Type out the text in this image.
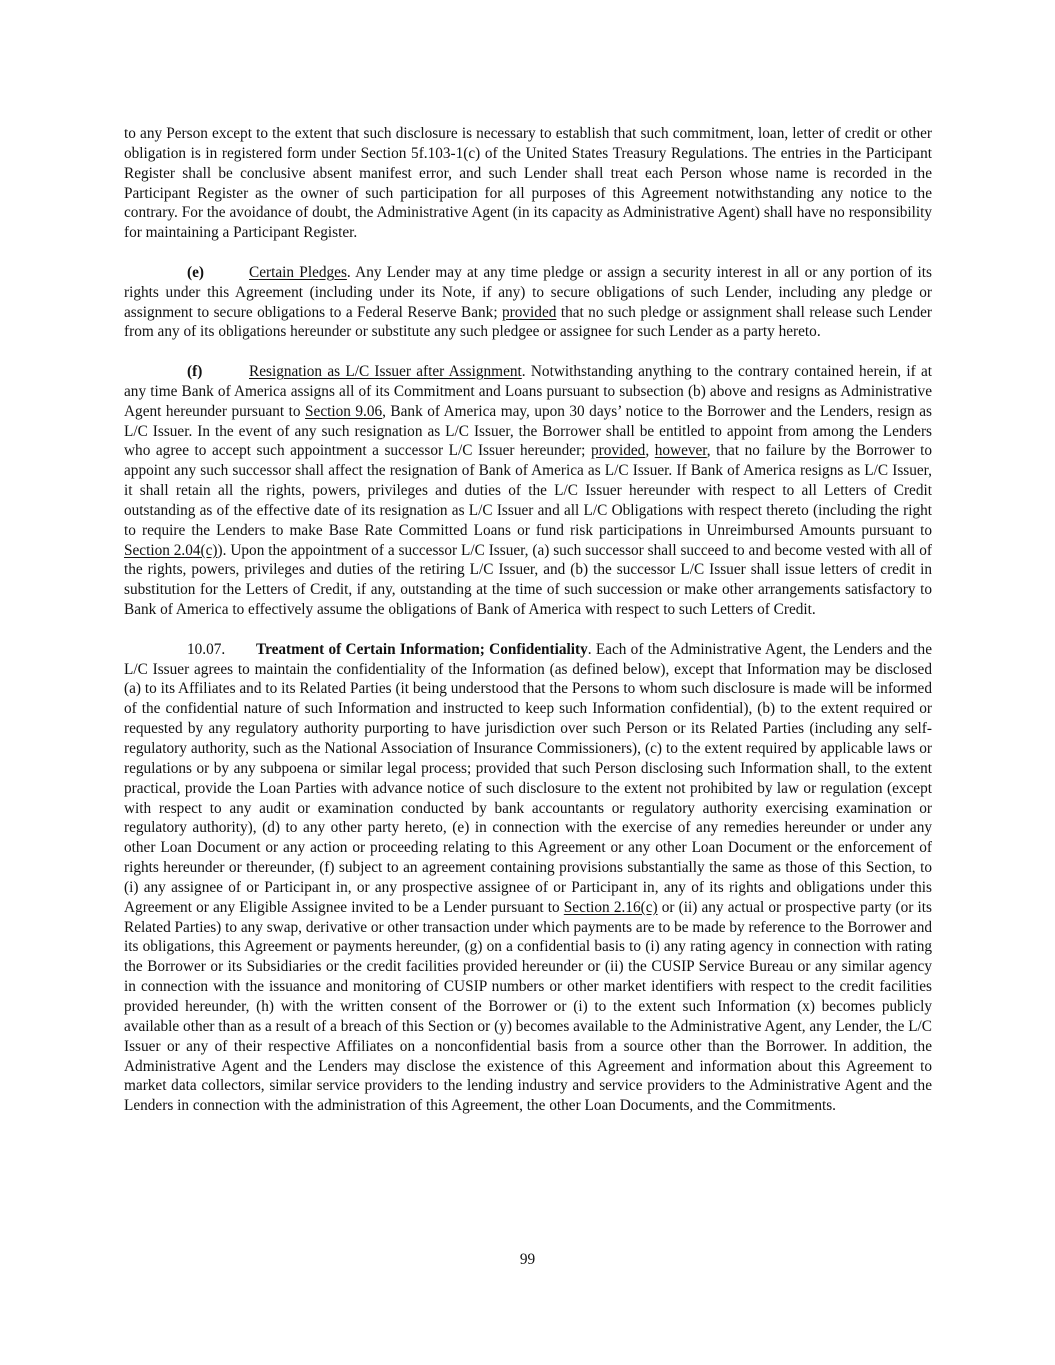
to any Person except to the extent that such disclosure is necessary to establish that such commitment, loan, letter of credit or other obligation is in registered form under Section 5f.103-1(c) of the United States Treasury Regulations. The entries in the Participant Register shall be conclusive absent manifest error, and such Lender shall treat each Person whose name is recorded in the Participant Register as the owner of such participation for all purposes of this Agreement notwithstanding any notice to the contrary. For the avoidance of doubt, the Administrative Agent (in its capacity as Administrative Agent) shall have no responsibility for maintaining a Participant Register.

(e)	Certain Pledges. Any Lender may at any time pledge or assign a security interest in all or any portion of its rights under this Agreement (including under its Note, if any) to secure obligations of such Lender, including any pledge or assignment to secure obligations to a Federal Reserve Bank; provided that no such pledge or assignment shall release such Lender from any of its obligations hereunder or substitute any such pledgee or assignee for such Lender as a party hereto.

(f)	Resignation as L/C Issuer after Assignment. Notwithstanding anything to the contrary contained herein, if at any time Bank of America assigns all of its Commitment and Loans pursuant to subsection (b) above and resigns as Administrative Agent hereunder pursuant to Section 9.06, Bank of America may, upon 30 days’ notice to the Borrower and the Lenders, resign as L/C Issuer. In the event of any such resignation as L/C Issuer, the Borrower shall be entitled to appoint from among the Lenders who agree to accept such appointment a successor L/C Issuer hereunder; provided, however, that no failure by the Borrower to appoint any such successor shall affect the resignation of Bank of America as L/C Issuer. If Bank of America resigns as L/C Issuer, it shall retain all the rights, powers, privileges and duties of the L/C Issuer hereunder with respect to all Letters of Credit outstanding as of the effective date of its resignation as L/C Issuer and all L/C Obligations with respect thereto (including the right to require the Lenders to make Base Rate Committed Loans or fund risk participations in Unreimbursed Amounts pursuant to Section 2.04(c)). Upon the appointment of a successor L/C Issuer, (a) such successor shall succeed to and become vested with all of the rights, powers, privileges and duties of the retiring L/C Issuer, and (b) the successor L/C Issuer shall issue letters of credit in substitution for the Letters of Credit, if any, outstanding at the time of such succession or make other arrangements satisfactory to Bank of America to effectively assume the obligations of Bank of America with respect to such Letters of Credit.

10.07. Treatment of Certain Information; Confidentiality. Each of the Administrative Agent, the Lenders and the L/C Issuer agrees to maintain the confidentiality of the Information (as defined below), except that Information may be disclosed (a) to its Affiliates and to its Related Parties (it being understood that the Persons to whom such disclosure is made will be informed of the confidential nature of such Information and instructed to keep such Information confidential), (b) to the extent required or requested by any regulatory authority purporting to have jurisdiction over such Person or its Related Parties (including any self-regulatory authority, such as the National Association of Insurance Commissioners), (c) to the extent required by applicable laws or regulations or by any subpoena or similar legal process; provided that such Person disclosing such Information shall, to the extent practical, provide the Loan Parties with advance notice of such disclosure to the extent not prohibited by law or regulation (except with respect to any audit or examination conducted by bank accountants or regulatory authority exercising examination or regulatory authority), (d) to any other party hereto, (e) in connection with the exercise of any remedies hereunder or under any other Loan Document or any action or proceeding relating to this Agreement or any other Loan Document or the enforcement of rights hereunder or thereunder, (f) subject to an agreement containing provisions substantially the same as those of this Section, to (i) any assignee of or Participant in, or any prospective assignee of or Participant in, any of its rights and obligations under this Agreement or any Eligible Assignee invited to be a Lender pursuant to Section 2.16(c) or (ii) any actual or prospective party (or its Related Parties) to any swap, derivative or other transaction under which payments are to be made by reference to the Borrower and its obligations, this Agreement or payments hereunder, (g) on a confidential basis to (i) any rating agency in connection with rating the Borrower or its Subsidiaries or the credit facilities provided hereunder or (ii) the CUSIP Service Bureau or any similar agency in connection with the issuance and monitoring of CUSIP numbers or other market identifiers with respect to the credit facilities provided hereunder, (h) with the written consent of the Borrower or (i) to the extent such Information (x) becomes publicly available other than as a result of a breach of this Section or (y) becomes available to the Administrative Agent, any Lender, the L/C Issuer or any of their respective Affiliates on a nonconfidential basis from a source other than the Borrower. In addition, the Administrative Agent and the Lenders may disclose the existence of this Agreement and information about this Agreement to market data collectors, similar service providers to the lending industry and service providers to the Administrative Agent and the Lenders in connection with the administration of this Agreement, the other Loan Documents, and the Commitments.

99
